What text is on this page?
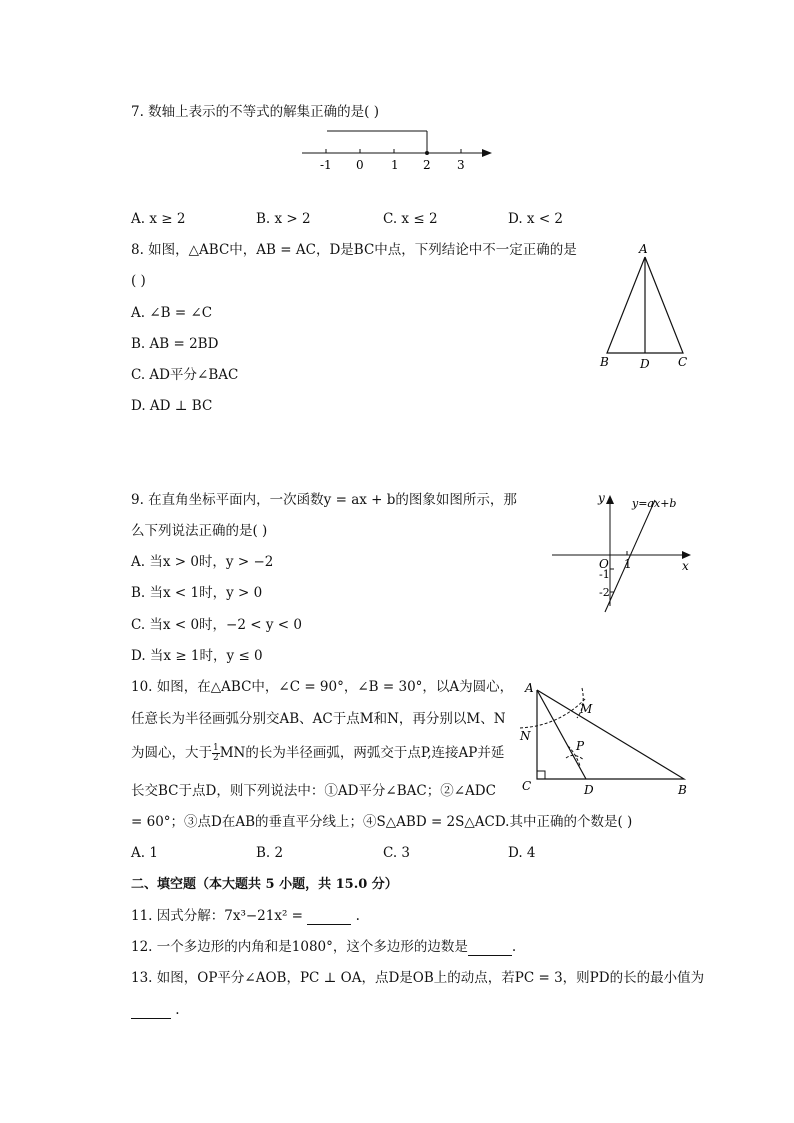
7. 数轴上表示的不等式的解集正确的是( )
-1 0 1 2 3
A. x ≥ 2	B. x > 2	C. x ≤ 2	D. x < 2
8. 如图，△ABC中，AB = AC，D是BC中点，下列结论中不一定正确的是
( )
A. ∠B = ∠C
B. AB = 2BD
C. AD平分∠BAC
D. AD ⊥ BC
A
B	D C
9. 在直角坐标平面内，一次函数y = ax + b的图象如图所示，那
么下列说法正确的是( )
A. 当x > 0时，y > −2
B. 当x < 1时，y > 0
C. 当x < 0时，−2 < y < 0
D. 当x ≥ 1时，y ≤ 0
y
x
O 1
-1
-2
y=ax+b
10. 如图，在△ABC中，∠C = 90°，∠B = 30°，以A为圆心，
任意长为半径画弧分别交AB、AC于点M和N，再分别以M、N
为圆心，大于 $\frac{1}{2}$ MN的长为半径画弧，两弧交于点P,连接AP并延
长交BC于点D，则下列说法中：①AD平分∠BAC；②∠ADC
= 60°；③点D在AB的垂直平分线上；④S△ABD = 2S△ACD.其中正确的个数是( )
A. 1	B. 2	C. 3	D. 4
A
M
N
P
C	D	B
二、填空题（本大题共 5 小题，共 15.0 分）
11. 因式分解：7x³−21x² =	.
12. 一个多边形的内角和是1080°，这个多边形的边数是	.
13. 如图，OP平分∠AOB，PC ⊥ OA，点D是OB上的动点，若PC = 3，则PD的长的最小值为
.
